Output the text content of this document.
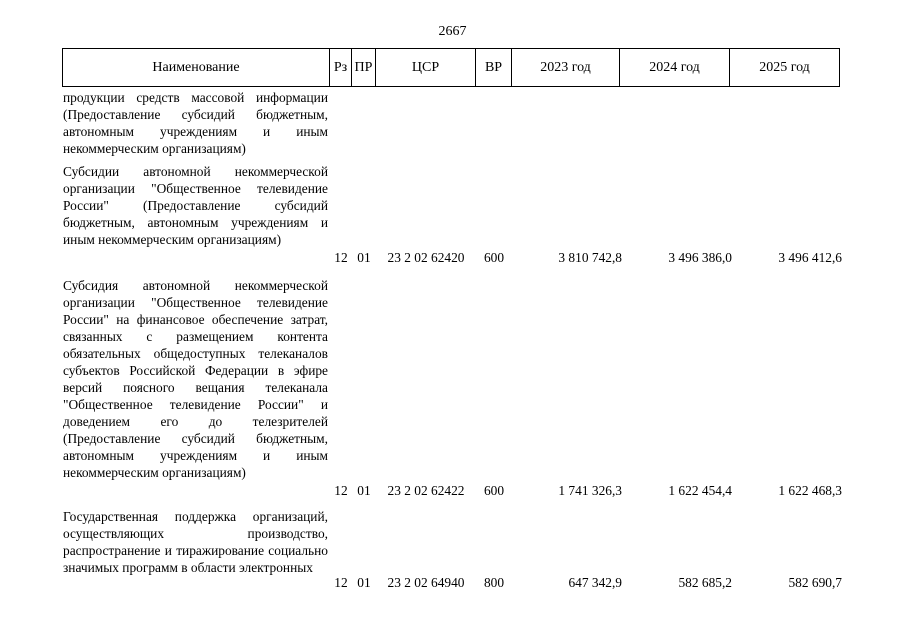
2667
Наименование	Рз	ПР	ЦСР	ВР	2023 год	2024 год	2025 год
продукции средств массовой информации (Предоставление субсидий бюджетным, автономным учреждениям и иным некоммерческим организациям)
Субсидии автономной некоммерческой организации "Общественное телевидение России" (Предоставление субсидий бюджетным, автономным учреждениям и иным некоммерческим организациям)
12 01	23 2 02 62420	600	3 810 742,8	3 496 386,0	3 496 412,6
Субсидия автономной некоммерческой организации "Общественное телевидение России" на финансовое обеспечение затрат, связанных с размещением контента обязательных общедоступных телеканалов субъектов Российской Федерации в эфире версий поясного вещания телеканала "Общественное телевидение России" и доведением его до телезрителей (Предоставление субсидий бюджетным, автономным учреждениям и иным некоммерческим организациям)
12 01	23 2 02 62422	600	1 741 326,3	1 622 454,4	1 622 468,3
Государственная поддержка организаций, осуществляющих производство, распространение и тиражирование социально значимых программ в области электронных
12 01	23 2 02 64940	800	647 342,9	582 685,2	582 690,7
